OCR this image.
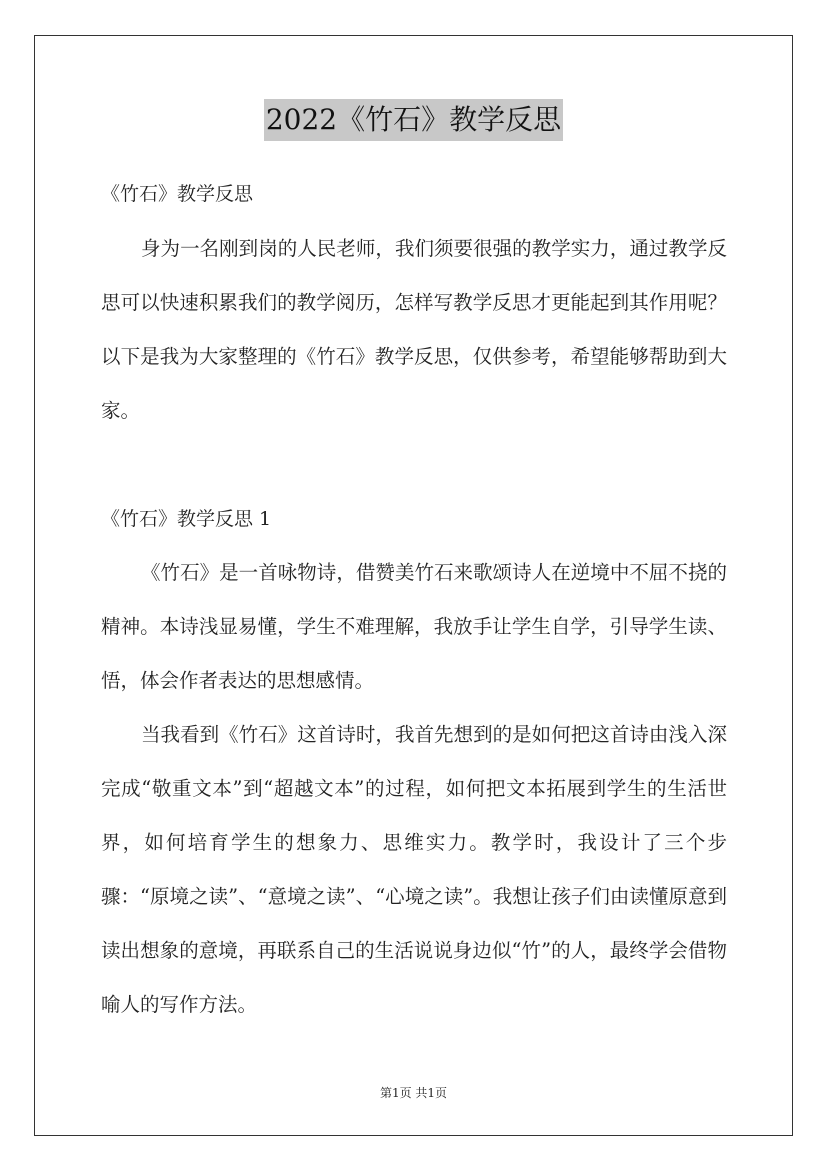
2022《竹石》教学反思
《竹石》教学反思

身为一名刚到岗的人民老师，我们须要很强的教学实力，通过教学反思可以快速积累我们的教学阅历，怎样写教学反思才更能起到其作用呢？以下是我为大家整理的《竹石》教学反思，仅供参考，希望能够帮助到大家。

《竹石》教学反思 1

《竹石》是一首咏物诗，借赞美竹石来歌颂诗人在逆境中不屈不挠的精神。本诗浅显易懂，学生不难理解，我放手让学生自学，引导学生读、悟，体会作者表达的思想感情。

当我看到《竹石》这首诗时，我首先想到的是如何把这首诗由浅入深完成“敬重文本”到“超越文本”的过程，如何把文本拓展到学生的生活世界，如何培育学生的想象力、思维实力。教学时，我设计了三个步骤：“原境之读”、“意境之读”、“心境之读”。我想让孩子们由读懂原意到读出想象的意境，再联系自己的生活说说身边似“竹”的人，最终学会借物喻人的写作方法。

第1页 共1页
